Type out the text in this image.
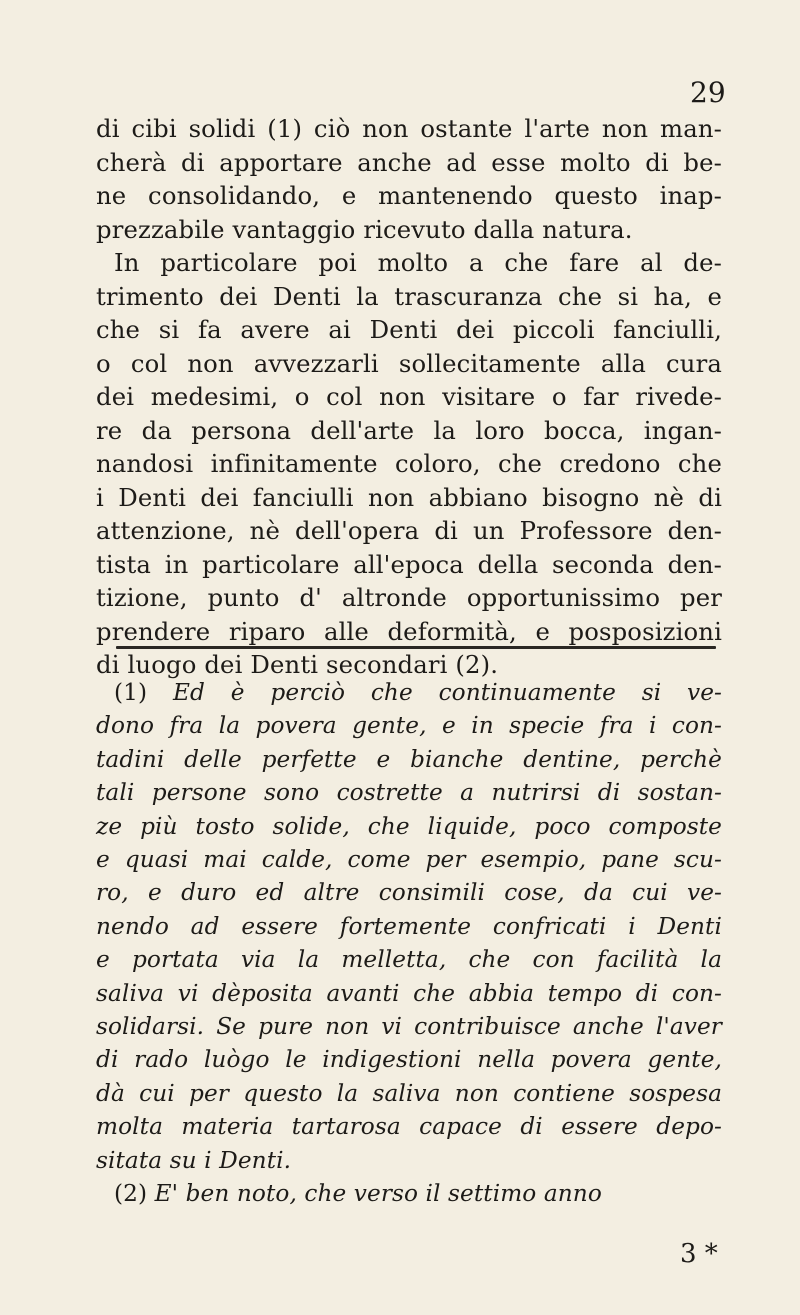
29
di cibi solidi (1) ciò non ostante l'arte non man-
cherà di apportare anche ad esse molto di be-
ne consolidando, e mantenendo questo inap-
prezzabile vantaggio ricevuto dalla natura.
In particolare poi molto a che fare al de-
trimento dei Denti la trascuranza che si ha, e
che si fa avere ai Denti dei piccoli fanciulli,
o col non avvezzarli sollecitamente alla cura
dei medesimi, o col non visitare o far rivede-
re da persona dell'arte la loro bocca, ingan-
nandosi infinitamente coloro, che credono che
i Denti dei fanciulli non abbiano bisogno nè di
attenzione, nè dell'opera di un Professore den-
tista in particolare all'epoca della seconda den-
tizione, punto d' altronde opportunissimo per
prendere riparo alle deformità, e posposizioni
di luogo dei Denti secondari (2).
(1) Ed è perciò che continuamente si ve-
dono fra la povera gente, e in specie fra i con-
tadini delle perfette e bianche dentine, perchè
tali persone sono costrette a nutrirsi di sostan-
ze più tosto solide, che liquide, poco composte
e quasi mai calde, come per esempio, pane scu-
ro, e duro ed altre consimili cose, da cui ve-
nendo ad essere fortemente confricati i Denti
e portata via la melletta, che con facilità la
saliva vi dèposita avanti che abbia tempo di con-
solidarsi. Se pure non vi contribuisce anche l'aver
di rado luògo le indigestioni nella povera gente,
dà cui per questo la saliva non contiene sospesa
molta materia tartarosa capace di essere depo-
sitata su i Denti.
(2) E' ben noto, che verso il settimo anno
3 *
